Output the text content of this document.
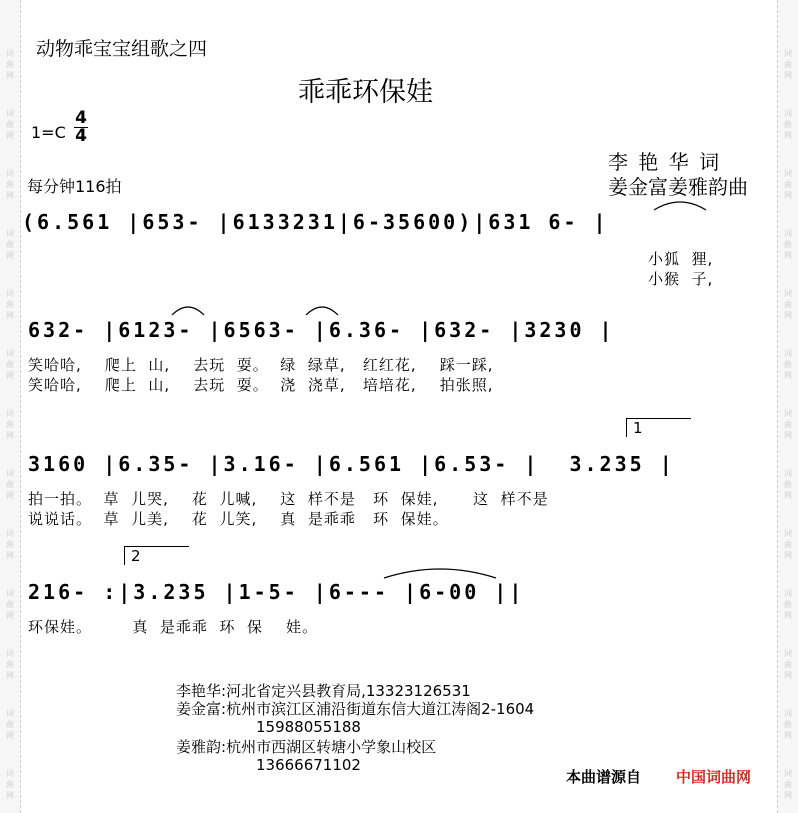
词
曲
网
词
曲
网
词
曲
网
词
曲
网
词
曲
网
词
曲
网
词
曲
网
词
曲
网
词
曲
网
词
曲
网
词
曲
网
词
曲
网
词
曲
网
词
曲
网
词
曲
网
词
曲
网
词
曲
网
词
曲
网
词
曲
网
词
曲
网
词
曲
网
词
曲
网
词
曲
网
词
曲
网
词
曲
网
词
曲
网
动物乖宝宝组歌之四
乖乖环保娃
1=C
4
4
每分钟116拍
李 艳 华 词
姜金富姜雅韵曲
(6.561 |653- |6133231|6-35600)|631 6- |
小狐  狸,
小猴  子,
632- |6123- |6563- |6.36- |632- |3230 |
笑哈哈,    爬上  山,    去玩  耍。  绿  绿草,   红红花,    踩一踩,
笑哈哈,    爬上  山,    去玩  耍。  浇  浇草,   培培花,    拍张照,
1
3160 |6.35- |3.16- |6.561 |6.53- |  3.235 |
拍一拍。  草  儿哭,    花  儿喊,    这  样不是   环  保娃,      这  样不是
说说话。  草  儿美,    花  儿笑,    真  是乖乖   环  保娃。
2
216- :|3.235 |1-5- |6--- |6-00 ||
环保娃。       真  是乖乖  环  保    娃。
李艳华:河北省定兴县教育局,13323126531
姜金富:杭州市滨江区浦沿街道东信大道江涛阁2-1604
15988055188
姜雅韵:杭州市西湖区转塘小学象山校区
13666671102
本曲谱源自 中国词曲网
